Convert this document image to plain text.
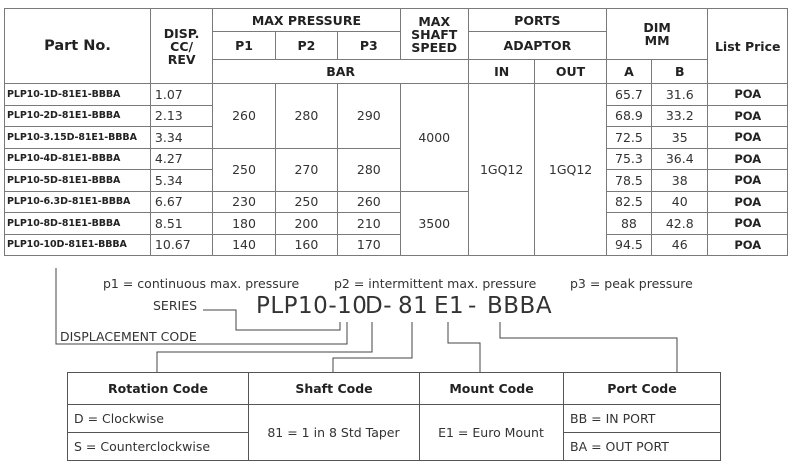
Part No.	DISP.
CC/
REV	MAX PRESSURE			MAX
SHAFT
SPEED	PORTS		DIM
MM		List Price
		P1	P2	P3		ADAPTOR				
		BAR				IN	OUT	A	B	
PLP10-1D-81E1-BBBA	1.07	260	280	290	4000	1GQ12	1GQ12	65.7	31.6	POA
PLP10-2D-81E1-BBBA	2.13							68.9	33.2	POA
PLP10-3.15D-81E1-BBBA	3.34							72.5	35	POA
PLP10-4D-81E1-BBBA	4.27	250	270	280				75.3	36.4	POA
PLP10-5D-81E1-BBBA	5.34							78.5	38	POA
PLP10-6.3D-81E1-BBBA	6.67	230	250	260	3500			82.5	40	POA
PLP10-8D-81E1-BBBA	8.51	180	200	210				88	42.8	POA
PLP10-10D-81E1-BBBA	10.67	140	160	170				94.5	46	POA
p1 = continuous max. pressure	p2 = intermittent max. pressure	p3 = peak pressure
SERIES
DISPLACEMENT CODE
PLP10-10
D- 81 E1 - BBBA
Rotation Code	Shaft Code	Mount Code	Port Code
D = Clockwise	81 = 1 in 8 Std Taper	E1 = Euro Mount	BB = IN PORT
S = Counterclockwise			BA = OUT PORT
